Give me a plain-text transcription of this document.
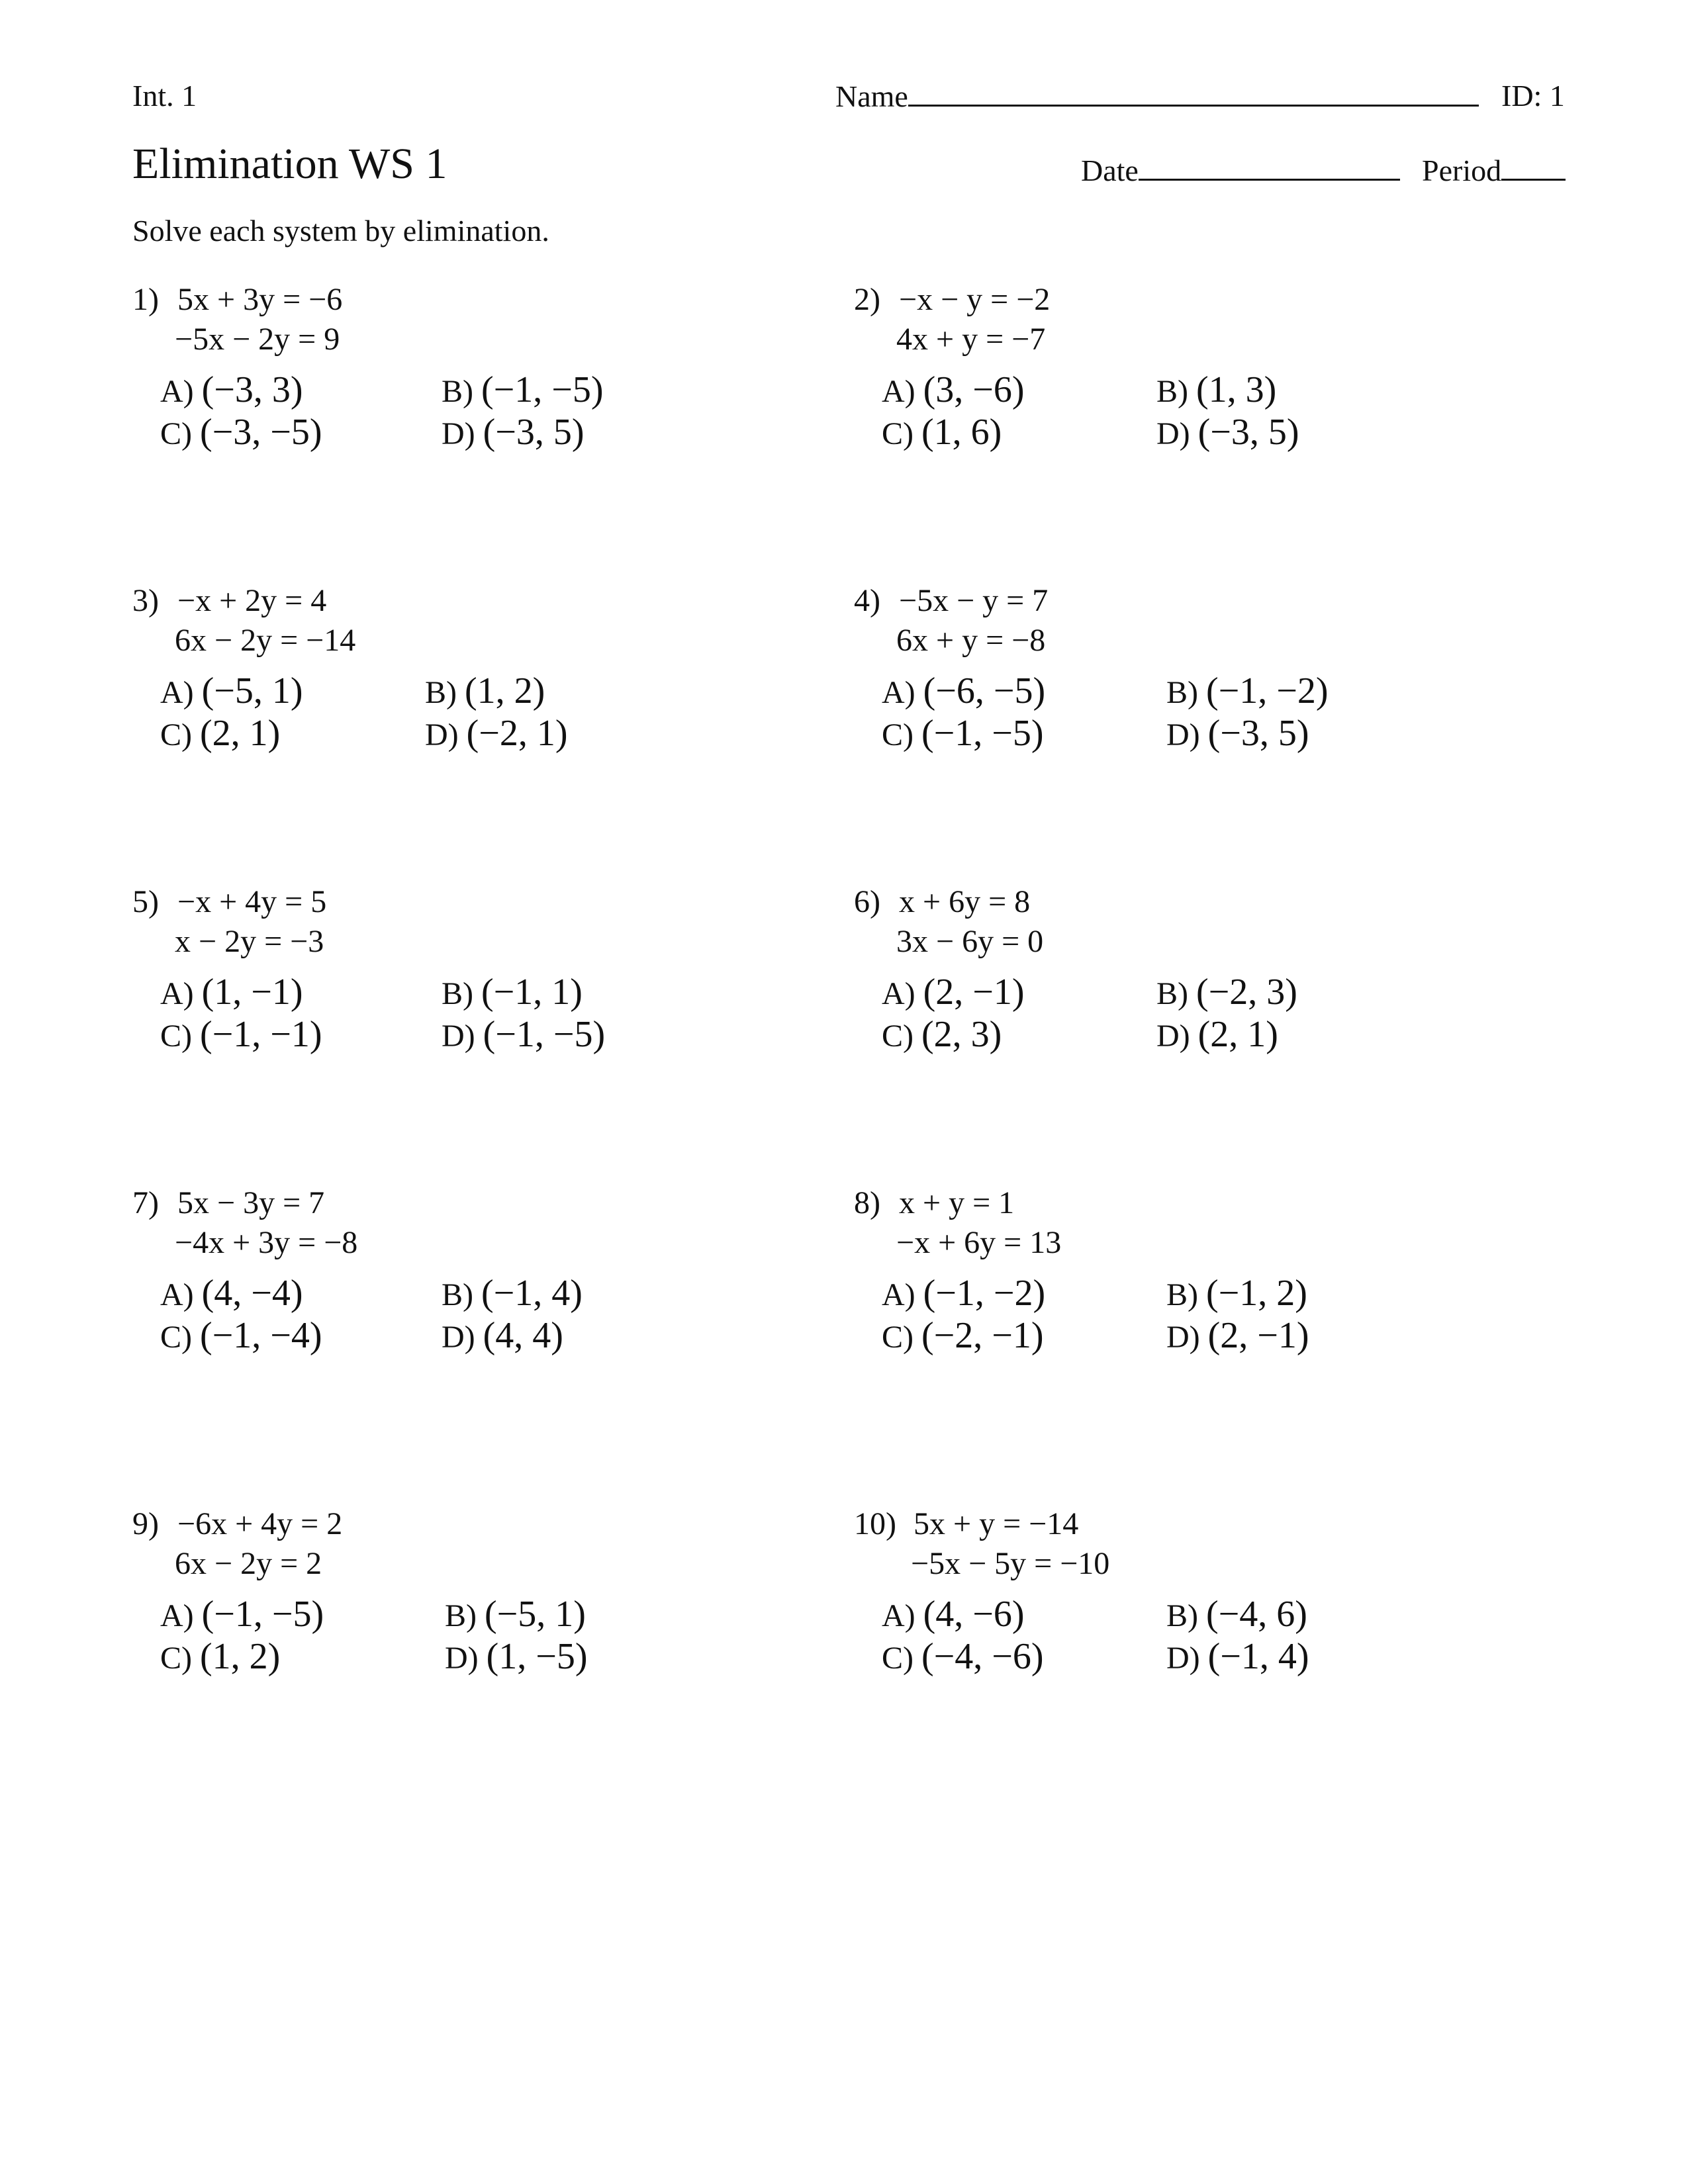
Int. 1	Name	ID: 1
Elimination WS 1	Date	Period
Solve each system by elimination.
1) 5x + 3y = −6
−5x − 2y = 9
A) (−3, 3)	B) (−1, −5)
C) (−3, −5)	D) (−3, 5)
2) −x − y = −2
4x + y = −7
A) (3, −6)	B) (1, 3)
C) (1, 6)	D) (−3, 5)
3) −x + 2y = 4
6x − 2y = −14
A) (−5, 1)	B) (1, 2)
C) (2, 1)	D) (−2, 1)
4) −5x − y = 7
6x + y = −8
A) (−6, −5)	B) (−1, −2)
C) (−1, −5)	D) (−3, 5)
5) −x + 4y = 5
x − 2y = −3
A) (1, −1)	B) (−1, 1)
C) (−1, −1)	D) (−1, −5)
6) x + 6y = 8
3x − 6y = 0
A) (2, −1)	B) (−2, 3)
C) (2, 3)	D) (2, 1)
7) 5x − 3y = 7
−4x + 3y = −8
A) (4, −4)	B) (−1, 4)
C) (−1, −4)	D) (4, 4)
8) x + y = 1
−x + 6y = 13
A) (−1, −2)	B) (−1, 2)
C) (−2, −1)	D) (2, −1)
9) −6x + 4y = 2
6x − 2y = 2
A) (−1, −5)	B) (−5, 1)
C) (1, 2)	D) (1, −5)
10) 5x + y = −14
−5x − 5y = −10
A) (4, −6)	B) (−4, 6)
C) (−4, −6)	D) (−1, 4)
